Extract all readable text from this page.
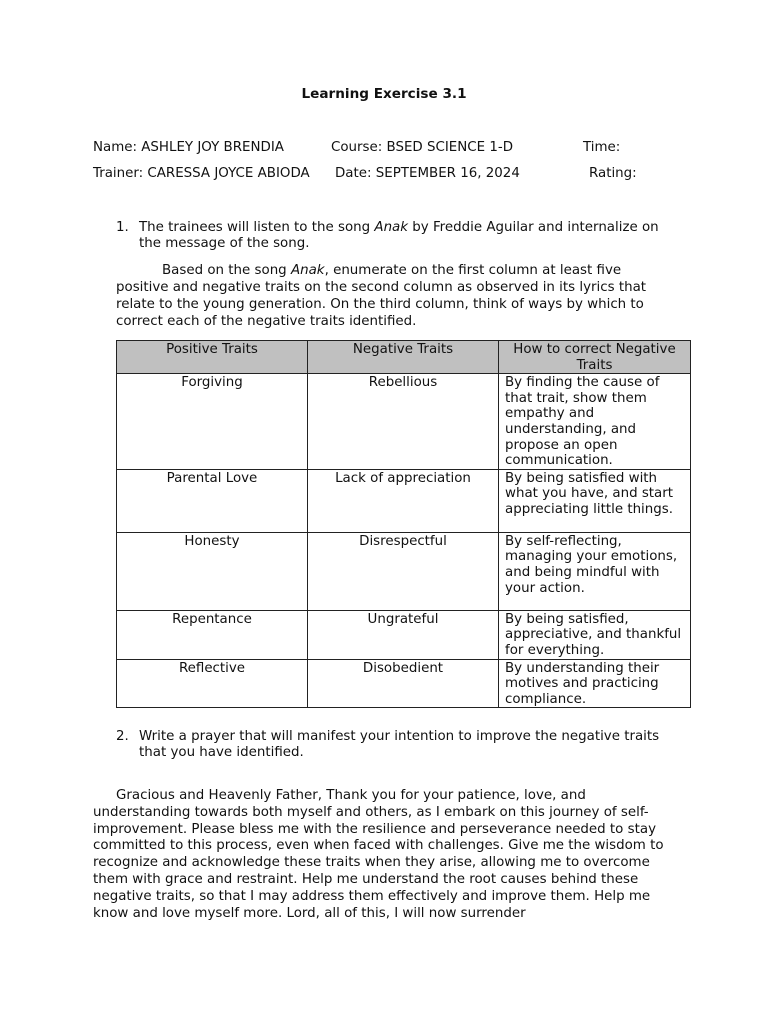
Learning Exercise 3.1
Name: ASHLEY JOY BRENDIA	Course: BSED SCIENCE 1-D	Time:
Trainer: CARESSA JOYCE ABIODA Date: SEPTEMBER 16, 2024	Rating:
1. The trainees will listen to the song Anak by Freddie Aguilar and internalize on the message of the song.
Based on the song Anak, enumerate on the first column at least five positive and negative traits on the second column as observed in its lyrics that relate to the young generation. On the third column, think of ways by which to correct each of the negative traits identified.
Positive Traits	Negative Traits	How to correct Negative Traits
Forgiving	Rebellious	By finding the cause of that trait, show them empathy and understanding, and propose an open communication.
Parental Love	Lack of appreciation	By being satisfied with what you have, and start appreciating little things.
Honesty	Disrespectful	By self-reflecting, managing your emotions, and being mindful with your action.
Repentance	Ungrateful	By being satisfied, appreciative, and thankful for everything.
Reflective	Disobedient	By understanding their motives and practicing compliance.
2. Write a prayer that will manifest your intention to improve the negative traits that you have identified.
Gracious and Heavenly Father, Thank you for your patience, love, and understanding towards both myself and others, as I embark on this journey of self-improvement. Please bless me with the resilience and perseverance needed to stay committed to this process, even when faced with challenges. Give me the wisdom to recognize and acknowledge these traits when they arise, allowing me to overcome them with grace and restraint. Help me understand the root causes behind these negative traits, so that I may address them effectively and improve them. Help me know and love myself more. Lord, all of this, I will now surrender
